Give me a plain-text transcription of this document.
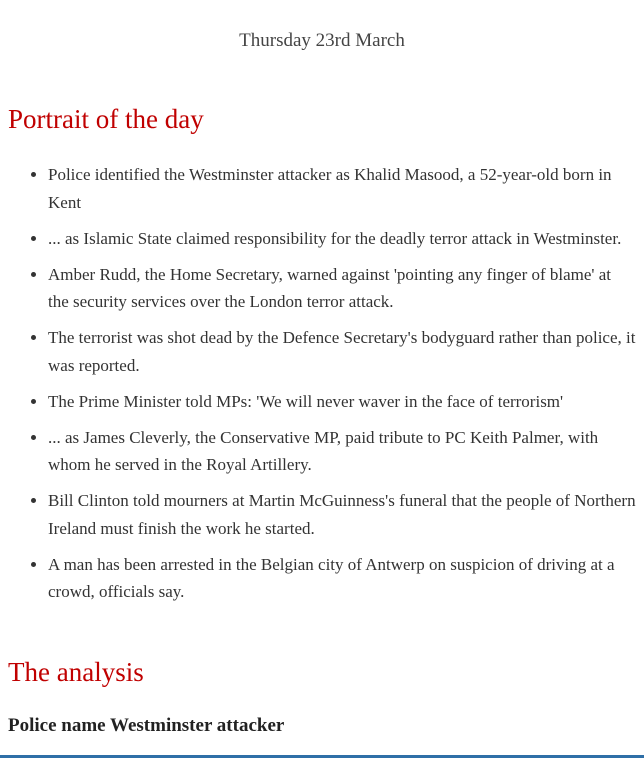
Thursday 23rd March
Portrait of the day
• Police identified the Westminster attacker as Khalid Masood, a 52-year-old born in Kent
• ... as Islamic State claimed responsibility for the deadly terror attack in Westminster.
• Amber Rudd, the Home Secretary, warned against 'pointing any finger of blame' at the security services over the London terror attack.
• The terrorist was shot dead by the Defence Secretary's bodyguard rather than police, it was reported.
• The Prime Minister told MPs: 'We will never waver in the face of terrorism'
• ... as James Cleverly, the Conservative MP, paid tribute to PC Keith Palmer, with whom he served in the Royal Artillery.
• Bill Clinton told mourners at Martin McGuinness's funeral that the people of Northern Ireland must finish the work he started.
• A man has been arrested in the Belgian city of Antwerp on suspicion of driving at a crowd, officials say.
The analysis
Police name Westminster attacker
